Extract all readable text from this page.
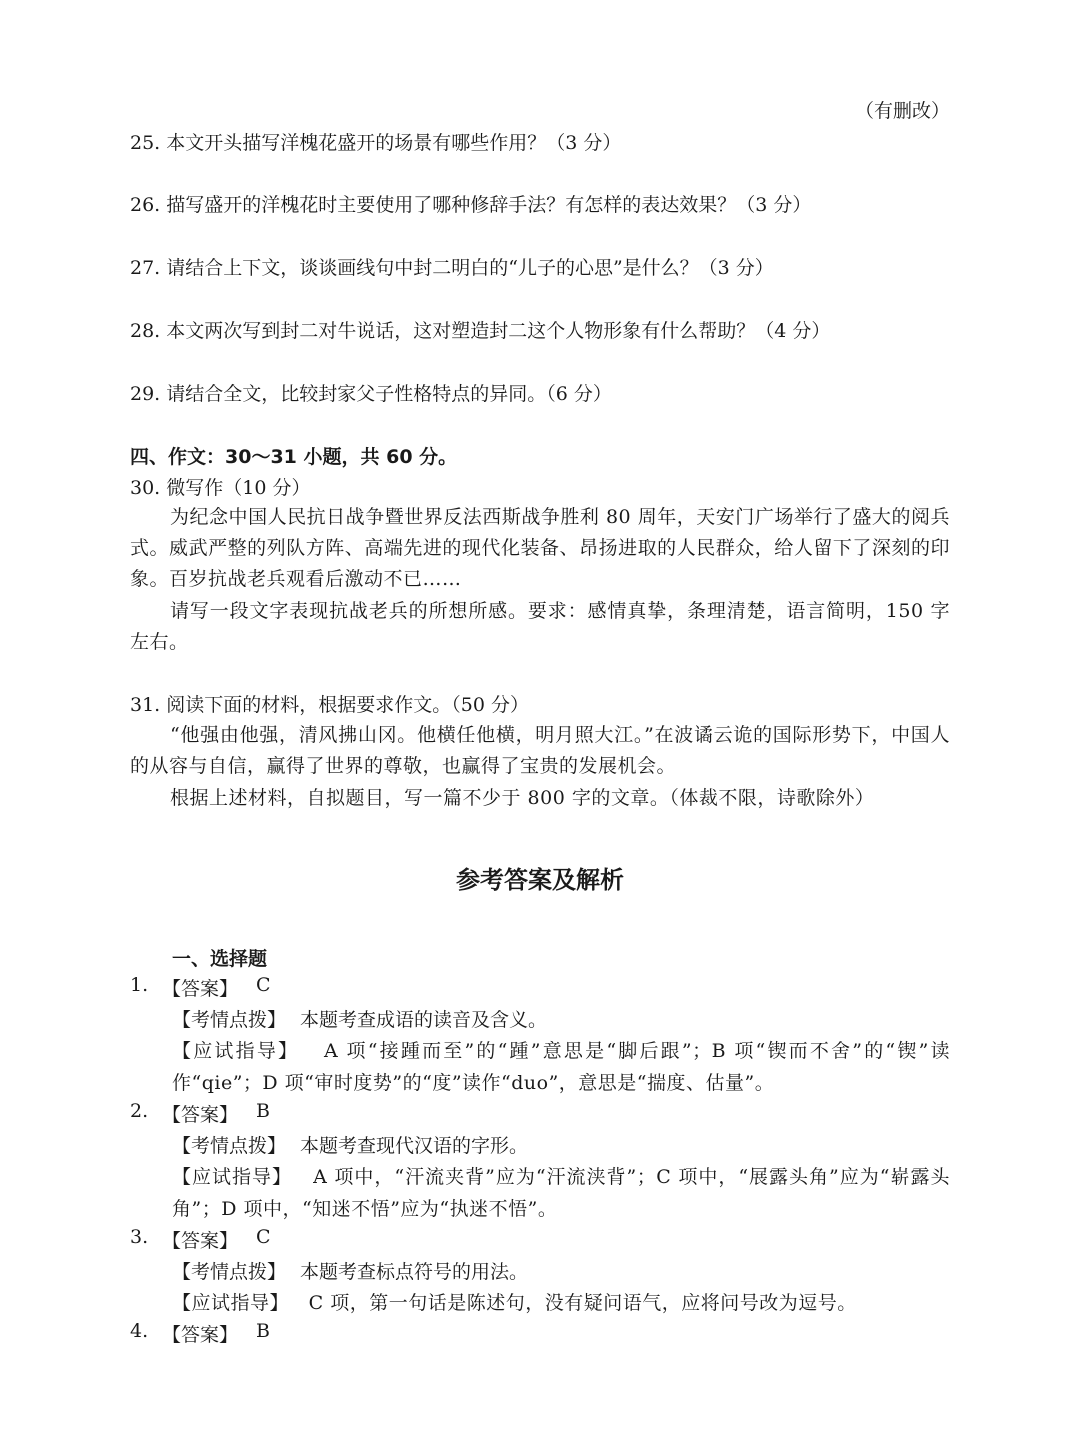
（有删改）
25. 本文开头描写洋槐花盛开的场景有哪些作用？（3 分）
26. 描写盛开的洋槐花时主要使用了哪种修辞手法？有怎样的表达效果？（3 分）
27. 请结合上下文，谈谈画线句中封二明白的“儿子的心思”是什么？（3 分）
28. 本文两次写到封二对牛说话，这对塑造封二这个人物形象有什么帮助？（4 分）
29. 请结合全文，比较封家父子性格特点的异同。（6 分）
四、作文：30～31 小题，共 60 分。
30. 微写作（10 分）
为纪念中国人民抗日战争暨世界反法西斯战争胜利 80 周年，天安门广场举行了盛大的阅兵式。威武严整的列队方阵、高端先进的现代化装备、昂扬进取的人民群众，给人留下了深刻的印象。百岁抗战老兵观看后激动不已……
请写一段文字表现抗战老兵的所想所感。要求：感情真挚，条理清楚，语言简明，150 字左右。
31. 阅读下面的材料，根据要求作文。（50 分）
“他强由他强，清风拂山冈。他横任他横，明月照大江。”在波谲云诡的国际形势下，中国人的从容与自信，赢得了世界的尊敬，也赢得了宝贵的发展机会。
根据上述材料，自拟题目，写一篇不少于 800 字的文章。（体裁不限，诗歌除外）
参考答案及解析
一、选择题
1. 【答案】 C
【考情点拨】 本题考查成语的读音及含义。
【应试指导】 A 项“接踵而至”的“踵”意思是“脚后跟”；B 项“锲而不舍”的“锲”读作“qie”；D 项“审时度势”的“度”读作“duo”，意思是“揣度、估量”。
2. 【答案】 B
【考情点拨】 本题考查现代汉语的字形。
【应试指导】 A 项中，“汗流夹背”应为“汗流浃背”；C 项中，“展露头角”应为“崭露头角”；D 项中，“知迷不悟”应为“执迷不悟”。
3. 【答案】 C
【考情点拨】 本题考查标点符号的用法。
【应试指导】 C 项，第一句话是陈述句，没有疑问语气，应将问号改为逗号。
4. 【答案】 B
